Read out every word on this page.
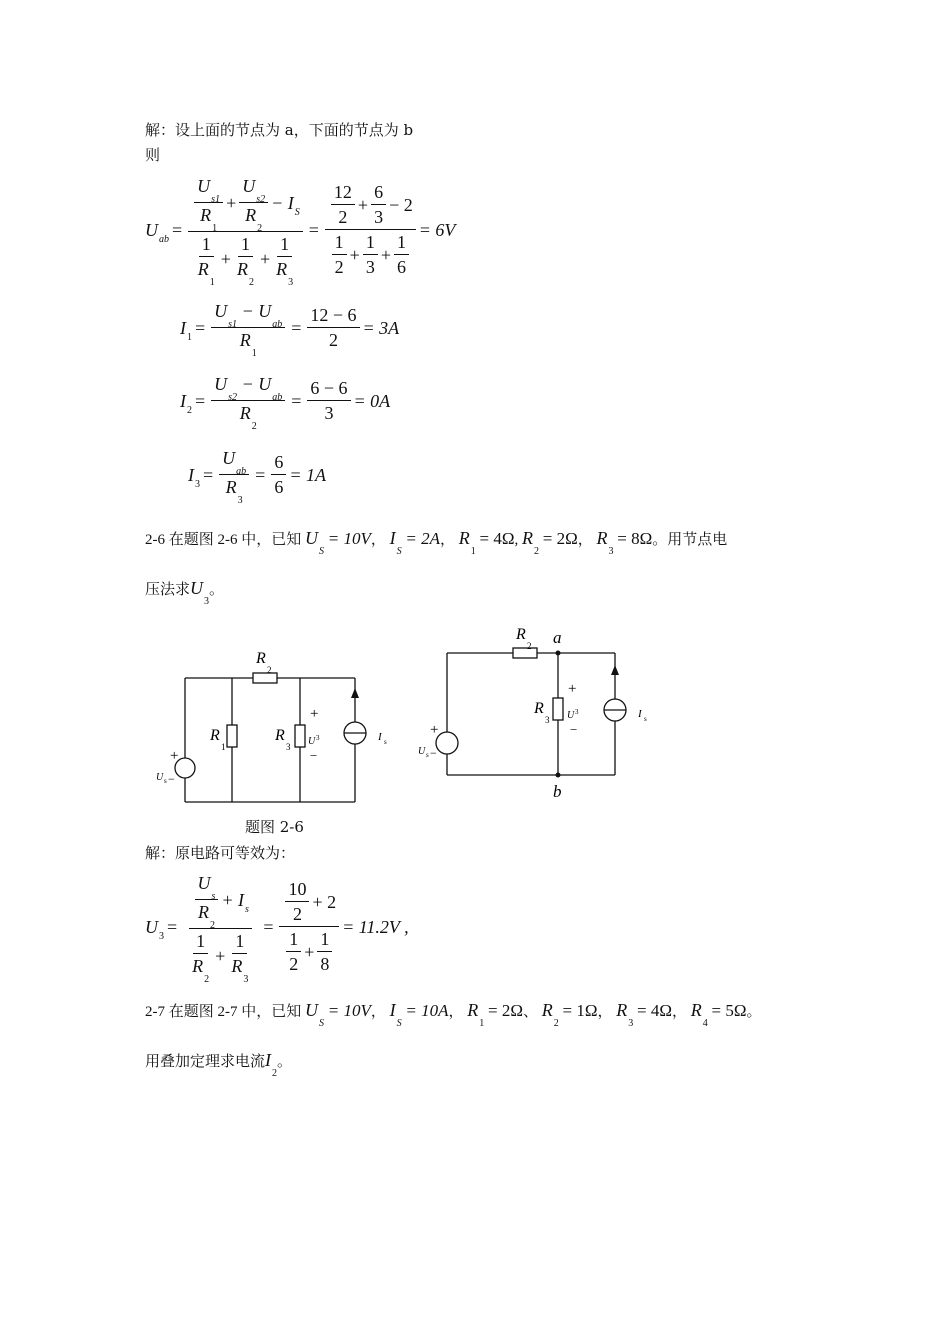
解：设上面的节点为 a，下面的节点为 b
则
U ab = $\frac{\frac{U_{s1}}{R_1} + \frac{U_{s2}}{R_2} - I S}{\frac{1}{R_1} + \frac{1}{R_2} + \frac{1}{R_3}} = \frac{\frac{12}{2} + \frac{6}{3} - 2}{\frac{1}{2} + \frac{1}{3} + \frac{1}{6}} = 6V$
I $1 = \frac{U_{s1} - U_{ab}}{R_1} = \frac{12 - 6}{2} = 3A$
I $2 = \frac{U_{s2} - U_{ab}}{R_2} = \frac{6 - 6}{3} = 0A$
I $3 = \frac{U_{ab}}{R_3} = \frac{6}{6} = 1A$
2-6 在题图 2-6 中，已知 $U_S = 10V$， $I_S = 2A$， $R_1 = 4\Omega$, $R_2 = 2\Omega$， $R_3 = 8\Omega$。用节点电
压法求$U_3$。
R
2
R
1
R
3
+
U 3
−
I s
+
U s −
R
2 a
b
R
3
+
U 3
−
I s
+
U s −
题图 2-6
解：原电路可等效为：
U $3 = \frac{\frac{U_s}{R_2} + I s}{\frac{1}{R_2} + \frac{1}{R_3}} = \frac{\frac{10}{2} + 2}{\frac{1}{2} + \frac{1}{8}} = 11.2V$ ,
2-7 在题图 2-7 中，已知 $U_S = 10V$， $I_S = 10A$， $R_1 = 2\Omega$、 $R_2 = 1\Omega$， $R_3 = 4\Omega$， $R_4 = 5\Omega$。
用叠加定理求电流$I_2$。
